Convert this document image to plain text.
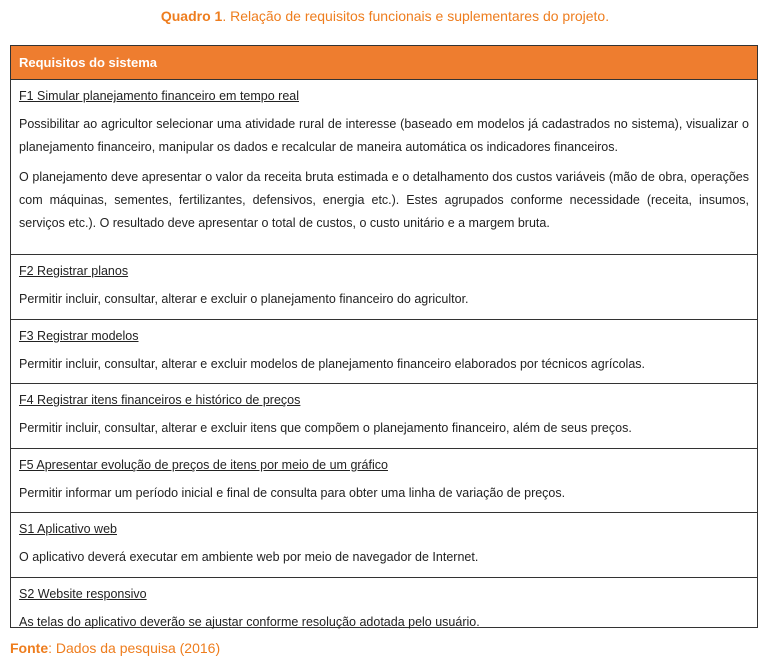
Quadro 1. Relação de requisitos funcionais e suplementares do projeto.
Requisitos do sistema
F1 Simular planejamento financeiro em tempo real
Possibilitar ao agricultor selecionar uma atividade rural de interesse (baseado em modelos já cadastrados no sistema), visualizar o planejamento financeiro, manipular os dados e recalcular de maneira automática os indicadores financeiros.
O planejamento deve apresentar o valor da receita bruta estimada e o detalhamento dos custos variáveis (mão de obra, operações com máquinas, sementes, fertilizantes, defensivos, energia etc.). Estes agrupados conforme necessidade (receita, insumos, serviços etc.). O resultado deve apresentar o total de custos, o custo unitário e a margem bruta.
F2 Registrar planos
Permitir incluir, consultar, alterar e excluir o planejamento financeiro do agricultor.
F3 Registrar modelos
Permitir incluir, consultar, alterar e excluir modelos de planejamento financeiro elaborados por técnicos agrícolas.
F4 Registrar itens financeiros e histórico de preços
Permitir incluir, consultar, alterar e excluir itens que compõem o planejamento financeiro, além de seus preços.
F5 Apresentar evolução de preços de itens por meio de um gráfico
Permitir informar um período inicial e final de consulta para obter uma linha de variação de preços.
S1 Aplicativo web
O aplicativo deverá executar em ambiente web por meio de navegador de Internet.
S2 Website responsivo
As telas do aplicativo deverão se ajustar conforme resolução adotada pelo usuário.
Fonte: Dados da pesquisa (2016)
